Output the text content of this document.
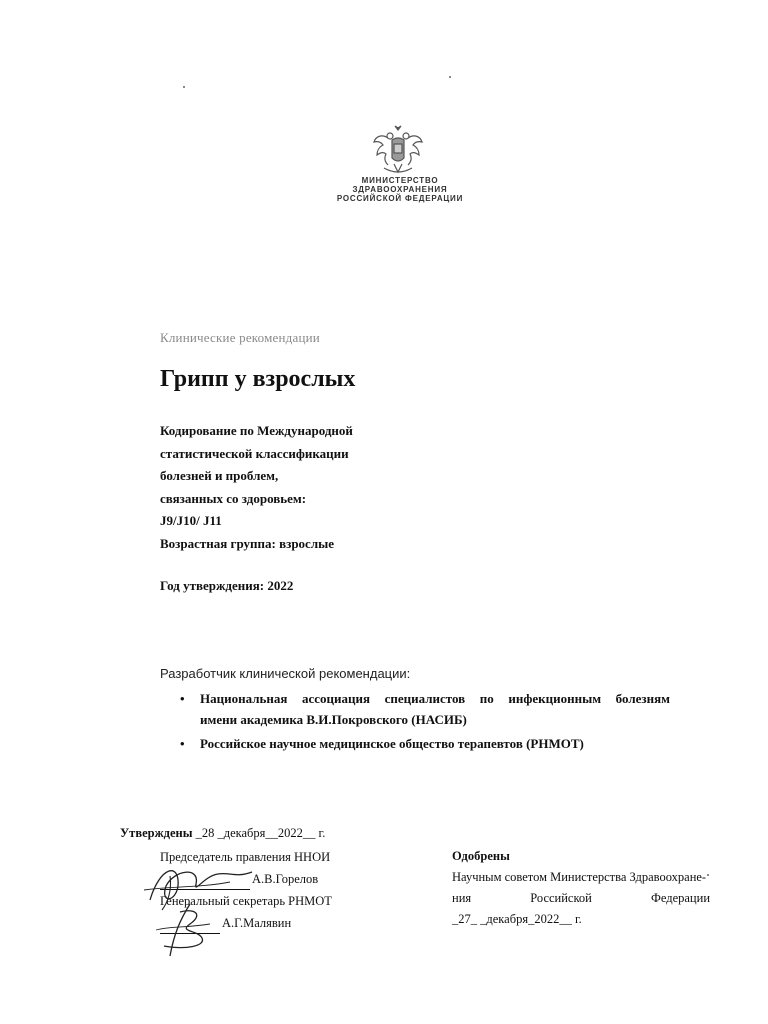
МИНИСТЕРСТВО
ЗДРАВООХРАНЕНИЯ
РОССИЙСКОЙ ФЕДЕРАЦИИ
Клинические рекомендации
Грипп у взрослых
Кодирование по Международной
статистической классификации
болезней и проблем,
связанных со здоровьем:
J9/J10/ J11
Возрастная группа: взрослые
Год утверждения: 2022
Разработчик клинической рекомендации:
• Национальная ассоциация специалистов по инфекционным болезням
имени академика В.И.Покровского (НАСИБ)
• Российское научное медицинское общество терапевтов (РНМОТ)
Утверждены _28 _декабря__2022__ г.
Председатель правления ННОИ
А.В.Горелов
Генеральный секретарь РНМОТ
А.Г.Малявин
Одобрены
Научным советом Министерства Здравоохране-
ния	Российской	Федерации
_27_ _декабря_2022__ г.
